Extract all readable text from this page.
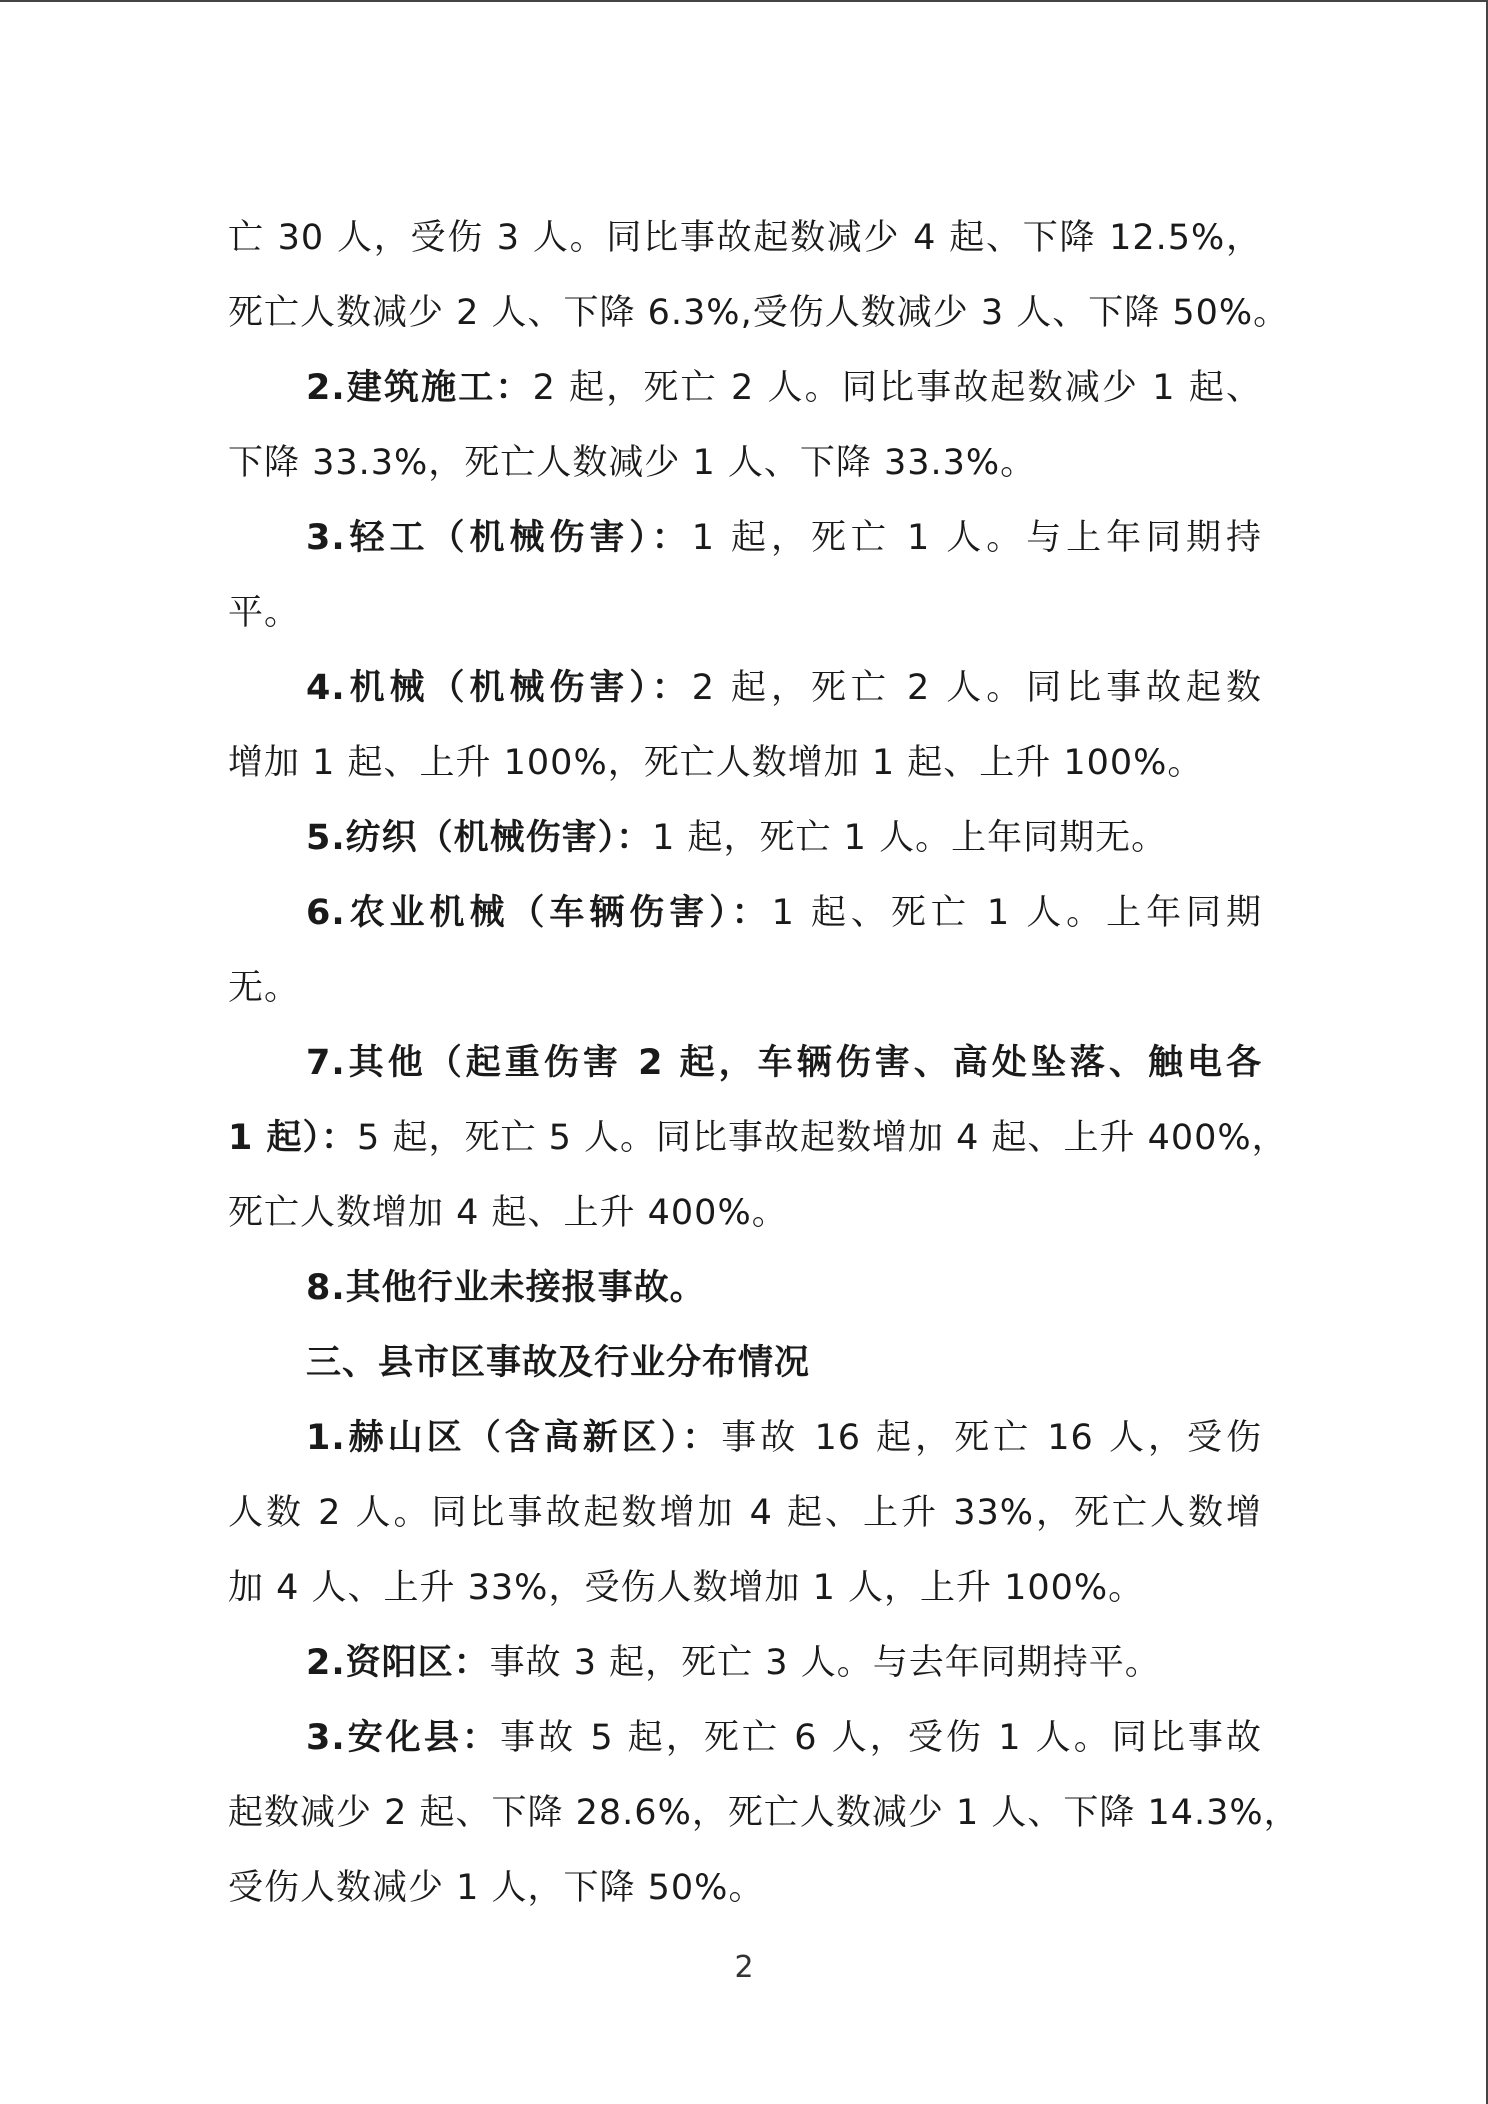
亡 30 人，受伤 3 人。同比事故起数减少 4 起、下降 12.5%，
死亡人数减少 2 人、下降 6.3%,受伤人数减少 3 人、下降 50%。
2.建筑施工：2 起，死亡 2 人。同比事故起数减少 1 起、
下降 33.3%，死亡人数减少 1 人、下降 33.3%。
3.轻工（机械伤害）：1 起，死亡 1 人。与上年同期持
平。
4.机械（机械伤害）：2 起，死亡 2 人。同比事故起数
增加 1 起、上升 100%，死亡人数增加 1 起、上升 100%。
5.纺织（机械伤害）：1 起，死亡 1 人。上年同期无。
6.农业机械（车辆伤害）：1 起、死亡 1 人。上年同期
无。
7.其他（起重伤害 2 起，车辆伤害、高处坠落、触电各
1 起）：5 起，死亡 5 人。同比事故起数增加 4 起、上升 400%，
死亡人数增加 4 起、上升 400%。
8.其他行业未接报事故。
三、县市区事故及行业分布情况
1.赫山区（含高新区）：事故 16 起，死亡 16 人，受伤
人数 2 人。同比事故起数增加 4 起、上升 33%，死亡人数增
加 4 人、上升 33%，受伤人数增加 1 人，上升 100%。
2.资阳区：事故 3 起，死亡 3 人。与去年同期持平。
3.安化县：事故 5 起，死亡 6 人，受伤 1 人。同比事故
起数减少 2 起、下降 28.6%，死亡人数减少 1 人、下降 14.3%，
受伤人数减少 1 人，下降 50%。
2
